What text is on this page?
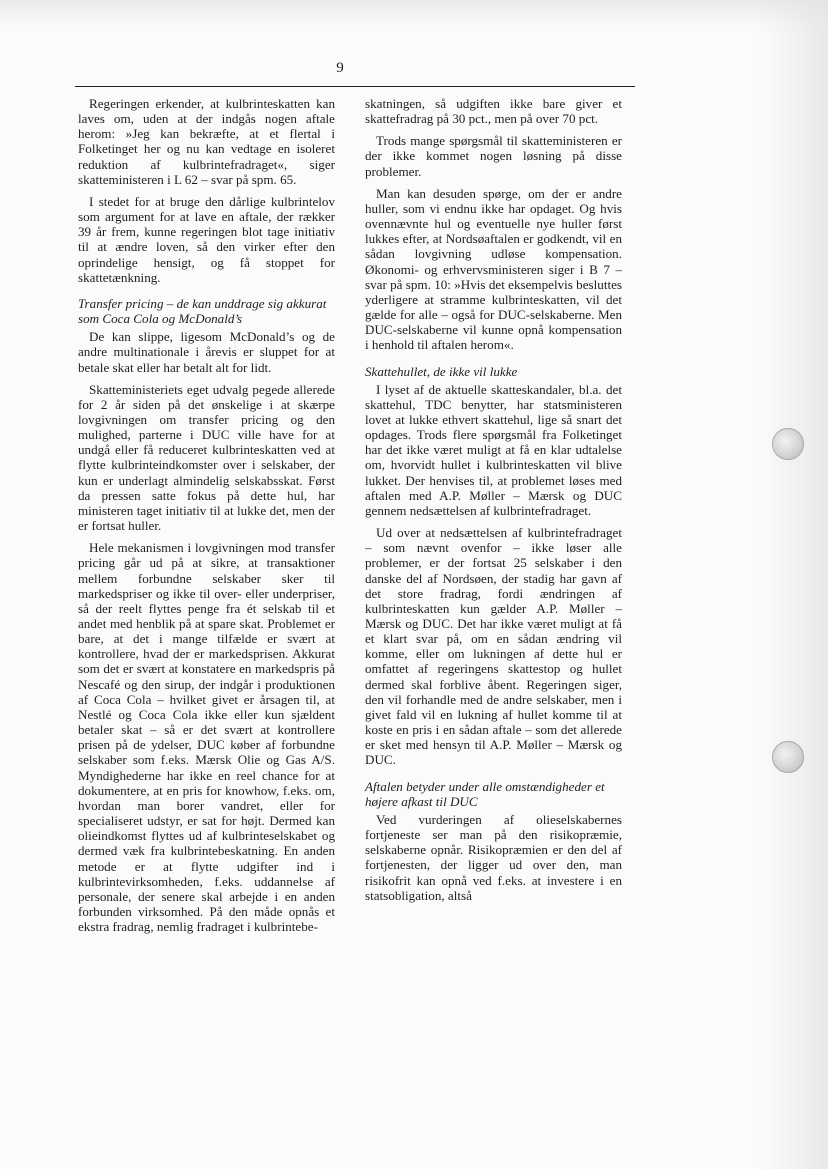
9

Regeringen erkender, at kulbrinteskatten kan laves om, uden at der indgås nogen aftale herom: »Jeg kan bekræfte, at et flertal i Folketinget her og nu kan vedtage en isoleret reduktion af kulbrintefradraget«, siger skatteministeren i L 62 – svar på spm. 65.

I stedet for at bruge den dårlige kulbrintelov som argument for at lave en aftale, der rækker 39 år frem, kunne regeringen blot tage initiativ til at ændre loven, så den virker efter den oprindelige hensigt, og få stoppet for skattetænkning.

Transfer pricing – de kan unddrage sig akkurat som Coca Cola og McDonald’s

De kan slippe, ligesom McDonald’s og de andre multinationale i årevis er sluppet for at betale skat eller har betalt alt for lidt.

Skatteministeriets eget udvalg pegede allerede for 2 år siden på det ønskelige i at skærpe lovgivningen om transfer pricing og den mulighed, parterne i DUC ville have for at undgå eller få reduceret kulbrinteskatten ved at flytte kulbrinteindkomster over i selskaber, der kun er underlagt almindelig selskabsskat. Først da pressen satte fokus på dette hul, har ministeren taget initiativ til at lukke det, men der er fortsat huller.

Hele mekanismen i lovgivningen mod transfer pricing går ud på at sikre, at transaktioner mellem forbundne selskaber sker til markedspriser og ikke til over- eller underpriser, så der reelt flyttes penge fra ét selskab til et andet med henblik på at spare skat. Problemet er bare, at det i mange tilfælde er svært at kontrollere, hvad der er markedsprisen. Akkurat som det er svært at konstatere en markedspris på Nescafé og den sirup, der indgår i produktionen af Coca Cola – hvilket givet er årsagen til, at Nestlé og Coca Cola ikke eller kun sjældent betaler skat – så er det svært at kontrollere prisen på de ydelser, DUC køber af forbundne selskaber som f.eks. Mærsk Olie og Gas A/S. Myndighederne har ikke en reel chance for at dokumentere, at en pris for knowhow, f.eks. om, hvordan man borer vandret, eller for specialiseret udstyr, er sat for højt. Dermed kan olieindkomst flyttes ud af kulbrinteselskabet og dermed væk fra kulbrintebeskatning. En anden metode er at flytte udgifter ind i kulbrintevirksomheden, f.eks. uddannelse af personale, der senere skal arbejde i en anden forbunden virksomhed. På den måde opnås et ekstra fradrag, nemlig fradraget i kulbrintebe-

skatningen, så udgiften ikke bare giver et skattefradrag på 30 pct., men på over 70 pct.

Trods mange spørgsmål til skatteministeren er der ikke kommet nogen løsning på disse problemer.

Man kan desuden spørge, om der er andre huller, som vi endnu ikke har opdaget. Og hvis ovennævnte hul og eventuelle nye huller først lukkes efter, at Nordsøaftalen er godkendt, vil en sådan lovgivning udløse kompensation. Økonomi- og erhvervsministeren siger i B 7 – svar på spm. 10: »Hvis det eksempelvis besluttes yderligere at stramme kulbrinteskatten, vil det gælde for alle – også for DUC-selskaberne. Men DUC-selskaberne vil kunne opnå kompensation i henhold til aftalen herom«.

Skattehullet, de ikke vil lukke

I lyset af de aktuelle skatteskandaler, bl.a. det skattehul, TDC benytter, har statsministeren lovet at lukke ethvert skattehul, lige så snart det opdages. Trods flere spørgsmål fra Folketinget har det ikke været muligt at få en klar udtalelse om, hvorvidt hullet i kulbrinteskatten vil blive lukket. Der henvises til, at problemet løses med aftalen med A.P. Møller – Mærsk og DUC gennem nedsættelsen af kulbrintefradraget.

Ud over at nedsættelsen af kulbrintefradraget – som nævnt ovenfor – ikke løser alle problemer, er der fortsat 25 selskaber i den danske del af Nordsøen, der stadig har gavn af det store fradrag, fordi ændringen af kulbrinteskatten kun gælder A.P. Møller – Mærsk og DUC. Det har ikke været muligt at få et klart svar på, om en sådan ændring vil komme, eller om lukningen af dette hul er omfattet af regeringens skattestop og hullet dermed skal forblive åbent. Regeringen siger, den vil forhandle med de andre selskaber, men i givet fald vil en lukning af hullet komme til at koste en pris i en sådan aftale – som det allerede er sket med hensyn til A.P. Møller – Mærsk og DUC.

Aftalen betyder under alle omstændigheder et højere afkast til DUC

Ved vurderingen af olieselskabernes fortjeneste ser man på den risikopræmie, selskaberne opnår. Risikopræmien er den del af fortjenesten, der ligger ud over den, man risikofrit kan opnå ved f.eks. at investere i en statsobligation, altså
